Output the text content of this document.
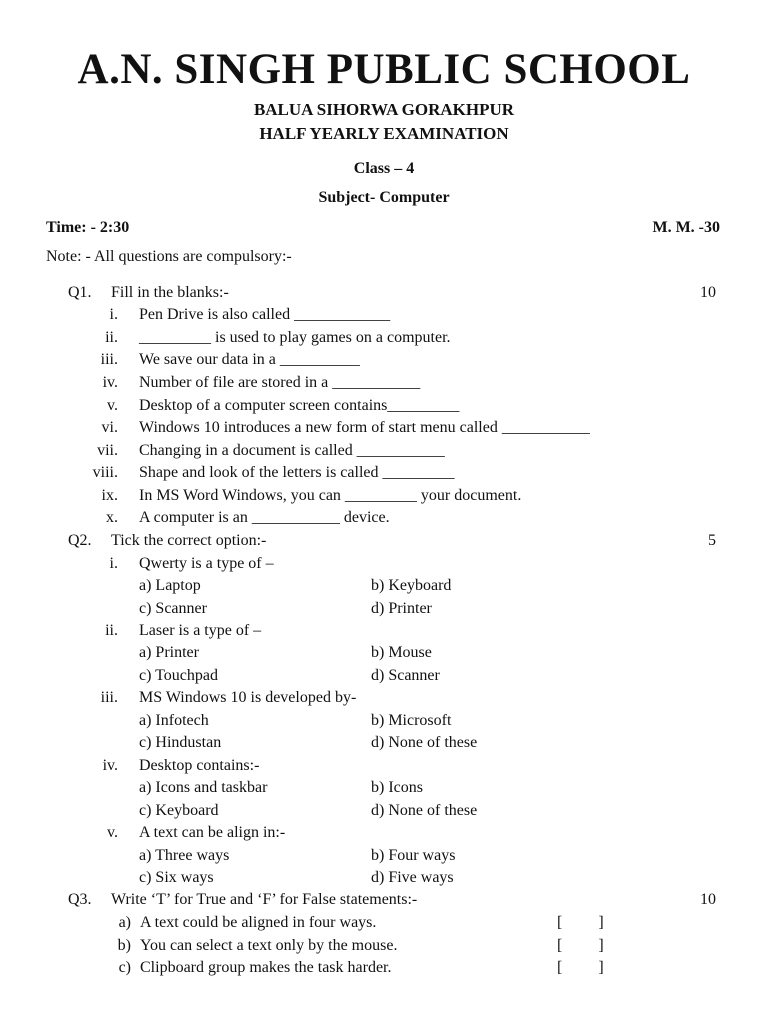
A.N. SINGH PUBLIC SCHOOL
BALUA SIHORWA GORAKHPUR
HALF YEARLY EXAMINATION
Class – 4
Subject- Computer
Time: - 2:30	M. M. -30
Note: - All questions are compulsory:-
Q1. Fill in the blanks:-	10
i. Pen Drive is also called ____________
ii. _________ is used to play games on a computer.
iii. We save our data in a __________
iv. Number of file are stored in a ___________
v. Desktop of a computer screen contains_________
vi. Windows 10 introduces a new form of start menu called ___________
vii. Changing in a document is called ___________
viii. Shape and look of the letters is called _________
ix. In MS Word Windows, you can _________ your document.
x. A computer is an ___________ device.
Q2. Tick the correct option:-	5
i. Qwerty is a type of –
a) Laptop	b) Keyboard
c) Scanner	d) Printer
ii. Laser is a type of –
a) Printer	b) Mouse
c) Touchpad	d) Scanner
iii. MS Windows 10 is developed by-
a) Infotech	b) Microsoft
c) Hindustan	d) None of these
iv. Desktop contains:-
a) Icons and taskbar	b) Icons
c) Keyboard	d) None of these
v. A text can be align in:-
a) Three ways	b) Four ways
c) Six ways	d) Five ways
Q3. Write ‘T’ for True and ‘F’ for False statements:-	10
a) A text could be aligned in four ways.	[         ]
b) You can select a text only by the mouse.	[         ]
c) Clipboard group makes the task harder.	[         ]
